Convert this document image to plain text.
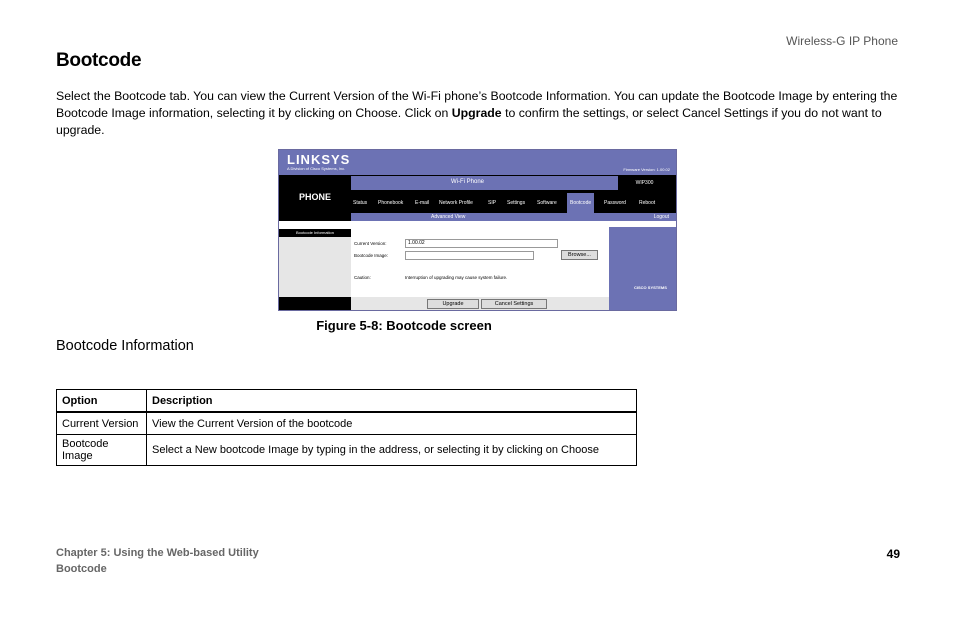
Wireless-G IP Phone
Bootcode
Select the Bootcode tab. You can view the Current Version of the Wi-Fi phone’s Bootcode Information. You can update the Bootcode Image by entering the Bootcode Image information, selecting it by clicking on Choose. Click on Upgrade to confirm the settings, or select Cancel Settings if you do not want to upgrade.
LINKSYS
A Division of Cisco Systems, Inc.	Firmware Version: 1.00.02
PHONE
Wi-Fi Phone	WIP300
Status Phonebook E-mail Network Profile	SIP Settings Software	Bootcode	Password	Reboot
Advanced View	Logout
Bootcode Information
CISCO SYSTEMS
Current Version:	1.00.02
Bootcode Image:	Browse...
Caution:	Interruption of upgrading may cause system failure.
Upgrade	Cancel Settings
Figure 5-8: Bootcode screen
Bootcode Information
Option	Description
Current Version	View the Current Version of the bootcode
Bootcode Image	Select a New bootcode Image by typing in the address, or selecting it by clicking on Choose
Chapter 5: Using the Web-based Utility
Bootcode
49
